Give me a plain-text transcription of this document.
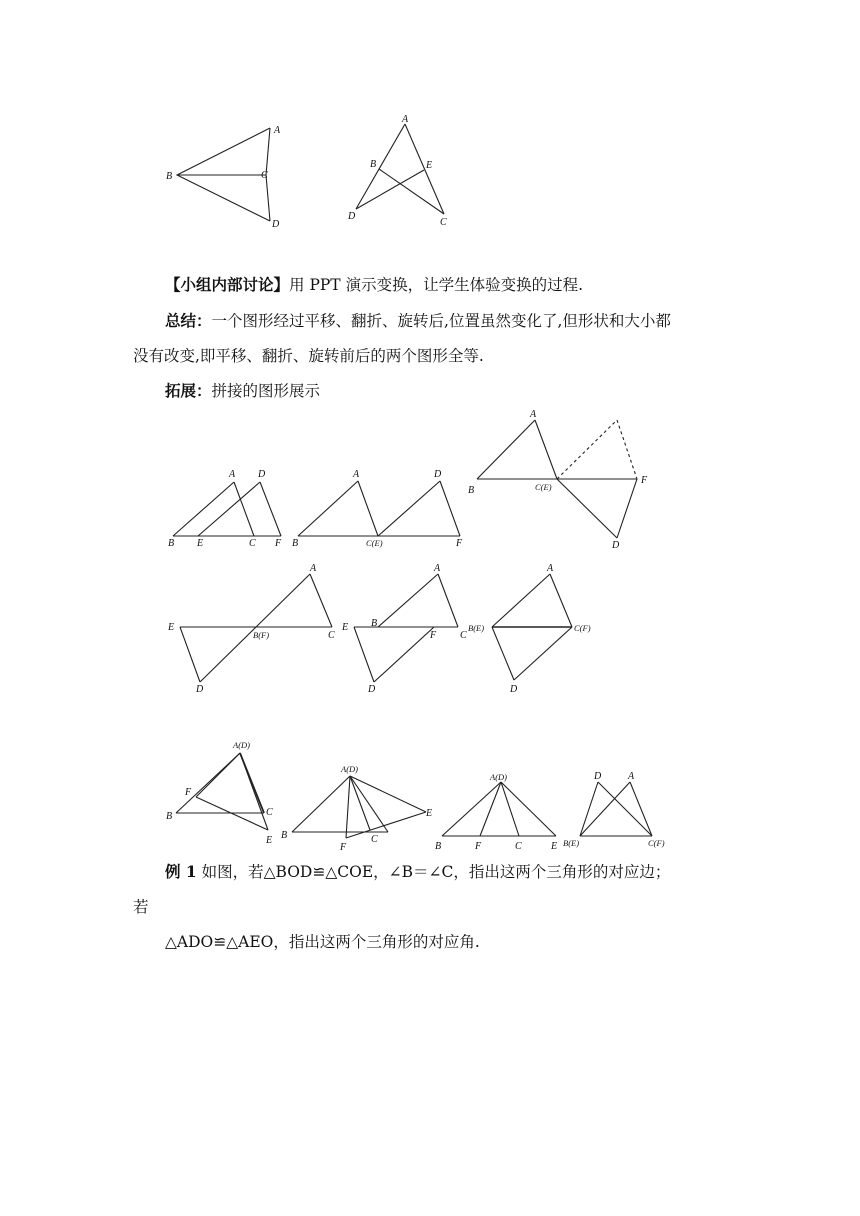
A
B	C
D
A
B	E
D
C
【小组内部讨论】用 PPT 演示变换，让学生体验变换的过程.
总结：一个图形经过平移、翻折、旋转后,位置虽然变化了,但形状和大小都
没有改变,即平移、翻折、旋转前后的两个图形全等.
拓展：拼接的图形展示
A D
B E	C F
A	D
B	C(E)	F
A
B	C(E)
F
D
A
E
B(F)	C
D
A
E B
F C
D
A
B(E)	C(F)
D
A(D)
F
B	C
E
A(D)
E
B
F
C
A(D)
B	F	C	E
D	A
B(E)	C(F)
例 1 如图，若△BOD≌△COE，∠B＝∠C，指出这两个三角形的对应边；
若
△ADO≌△AEO，指出这两个三角形的对应角.
